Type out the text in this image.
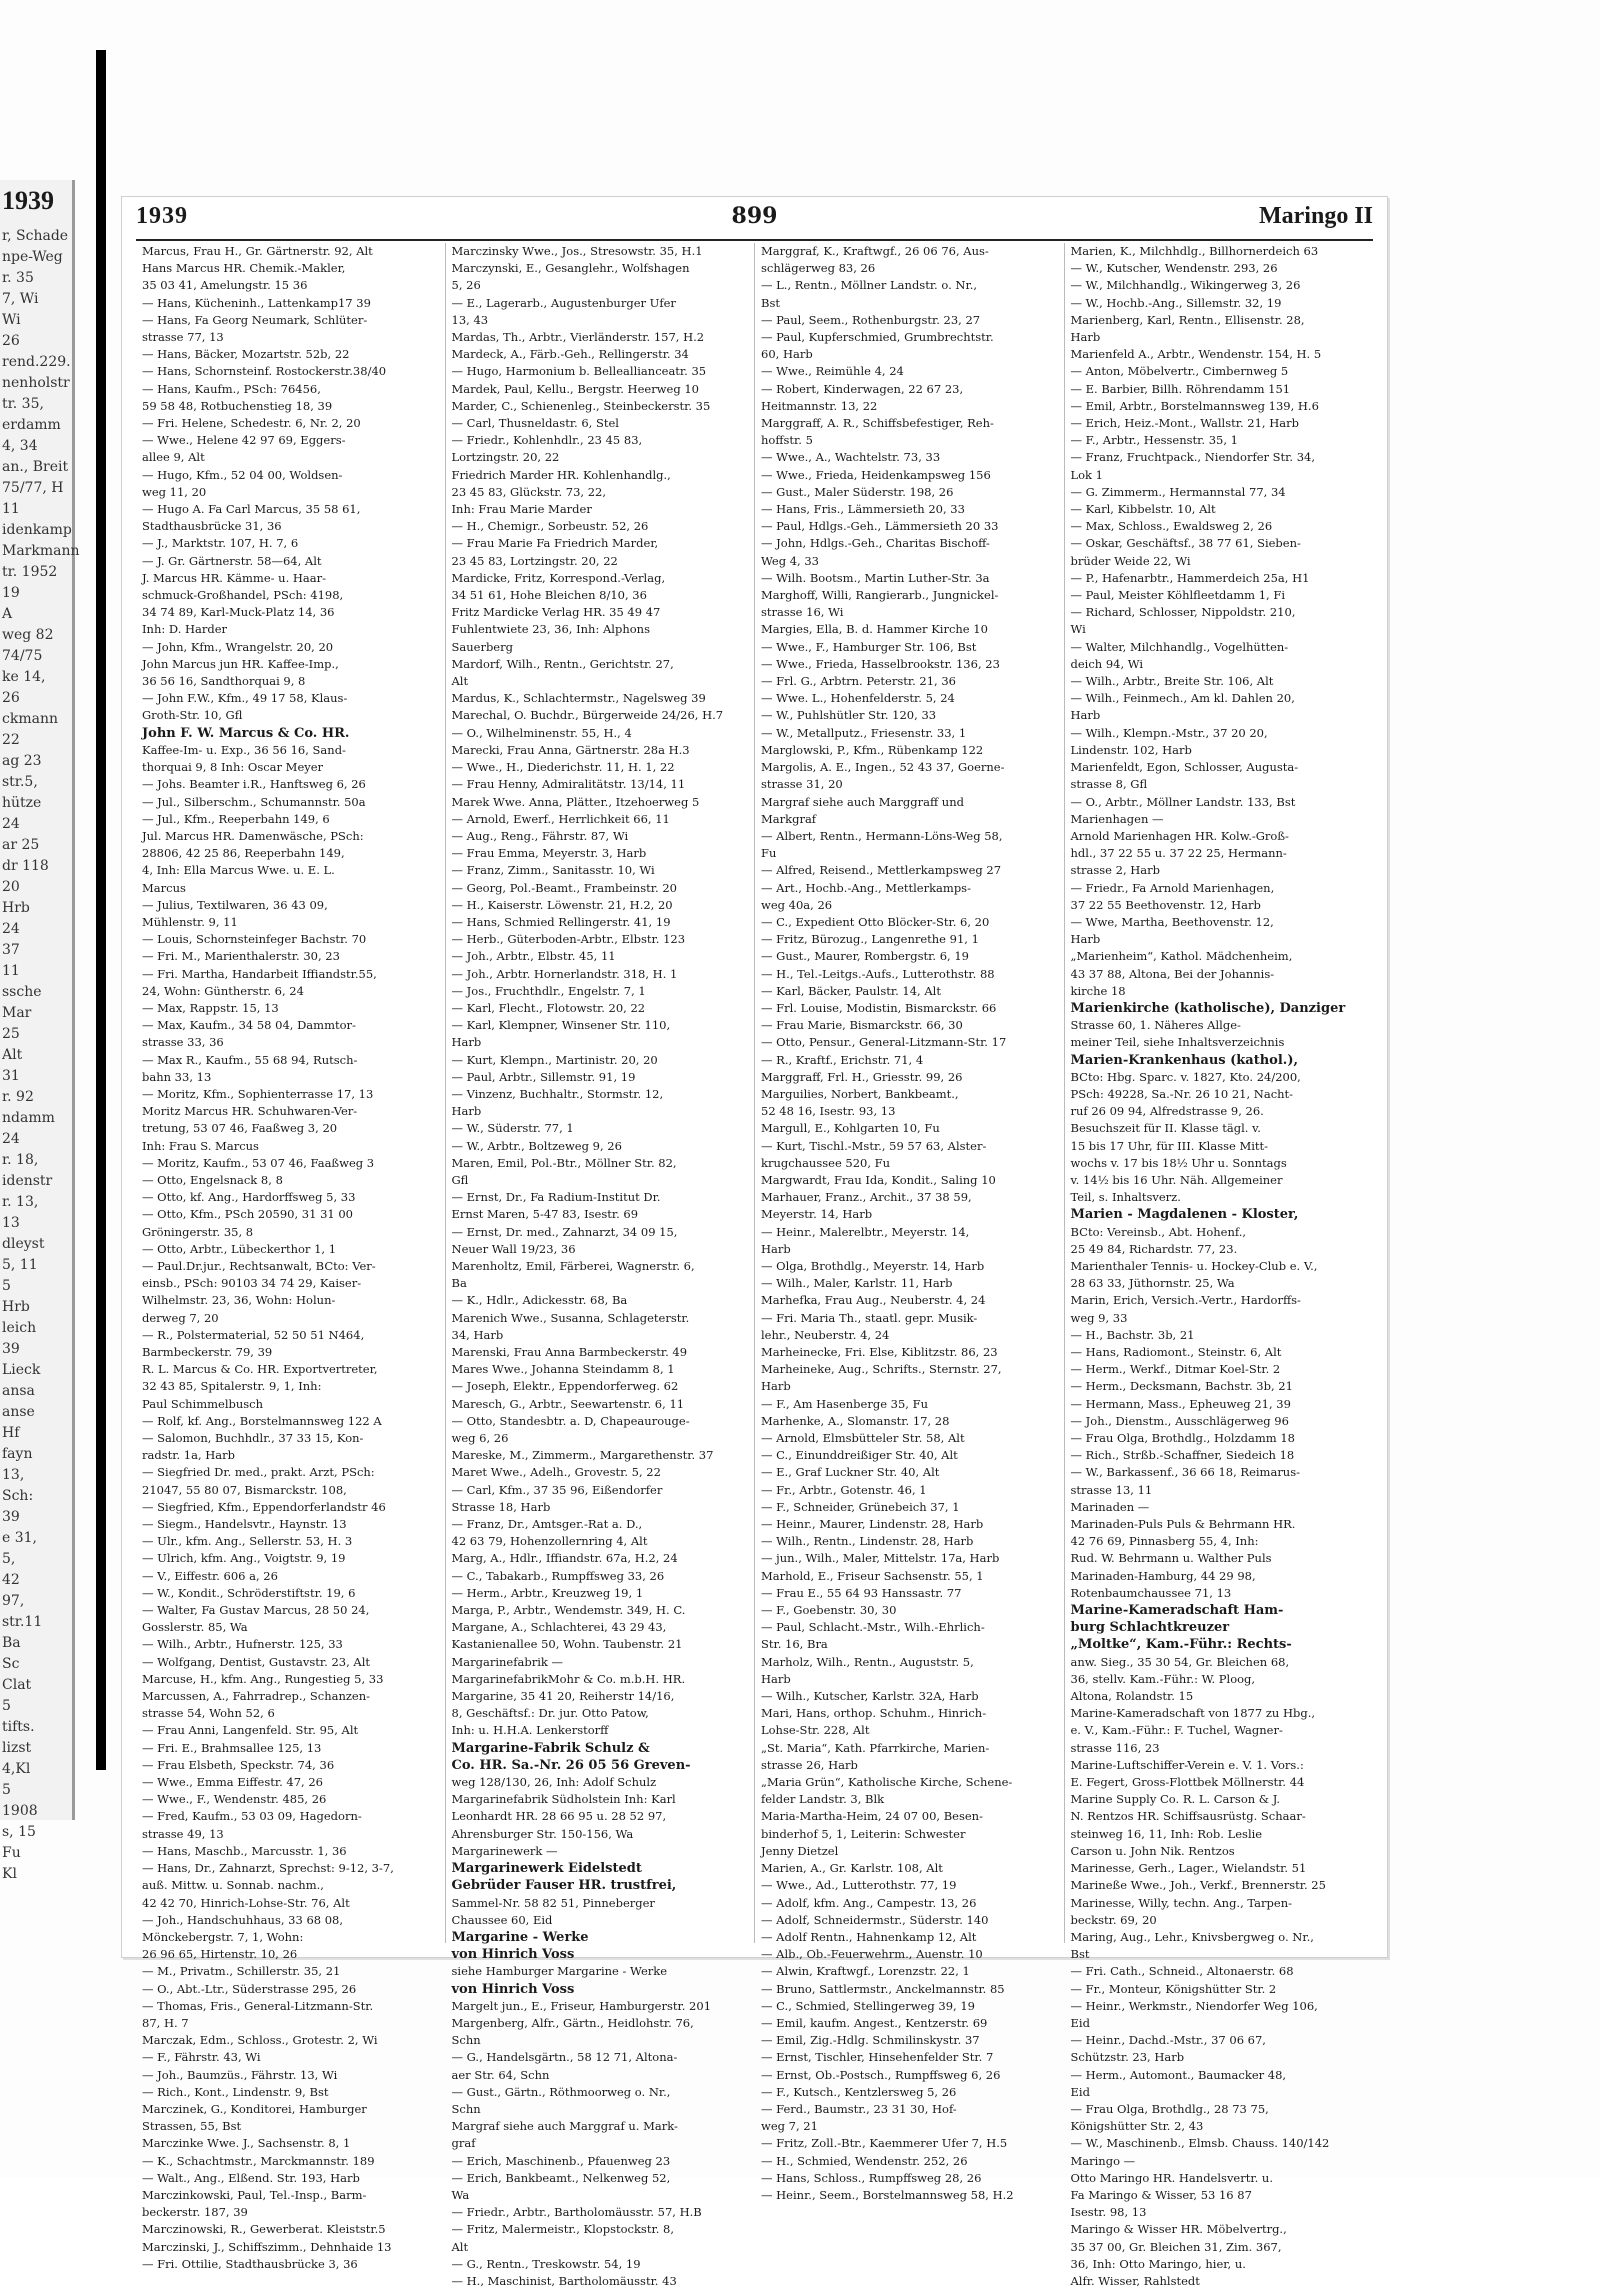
1939
r, Schade
npe-Weg
r. 35
7, Wi
Wi
26
rend.229.
nenholstr
tr. 35,
erdamm
4, 34
an., Breit
75/77, H
11
idenkamp
Markmann
tr. 1952
19
A
weg 82
74/75
ke 14,
26
ckmann
22
ag 23
str.5,
hütze
24
ar 25
dr 118
20
Hrb
24
37
11
ssche
Mar
25
Alt
31
r. 92
ndamm
24
r. 18,
idenstr
r. 13,
13
dleyst
5, 11
5
Hrb
leich
39
Lieck
ansa
anse
Hf
fayn
13,
Sch:
39
e 31,
5,
42
97,
str.11
Ba
Sc
Clat
5
tifts.
lizst
4,Kl
5
1908
s, 15
Fu
Kl
1939	899	Maringo II
Marcus, Frau H., Gr. Gärtnerstr. 92, Alt
Hans Marcus HR. Chemik.-Makler,
35 03 41, Amelungstr. 15 36
— Hans, Kücheninh., Lattenkamp17 39
— Hans, Fa Georg Neumark, Schlüter-
strasse 77, 13
— Hans, Bäcker, Mozartstr. 52b, 22
— Hans, Schornsteinf. Rostockerstr.38/40
— Hans, Kaufm., PSch: 76456,
59 58 48, Rotbuchenstieg 18, 39
— Fri. Helene, Schedestr. 6, Nr. 2, 20
— Wwe., Helene 42 97 69, Eggers-
allee 9, Alt
— Hugo, Kfm., 52 04 00, Woldsen-
weg 11, 20
— Hugo A. Fa Carl Marcus, 35 58 61,
Stadthausbrücke 31, 36
— J., Marktstr. 107, H. 7, 6
— J. Gr. Gärtnerstr. 58—64, Alt
J. Marcus HR. Kämme- u. Haar-
schmuck-Großhandel, PSch: 4198,
34 74 89, Karl-Muck-Platz 14, 36
Inh: D. Harder
— John, Kfm., Wrangelstr. 20, 20
John Marcus jun HR. Kaffee-Imp.,
36 56 16, Sandthorquai 9, 8
— John F.W., Kfm., 49 17 58, Klaus-
Groth-Str. 10, Gfl
John F. W. Marcus & Co. HR.
Kaffee-Im- u. Exp., 36 56 16, Sand-
thorquai 9, 8 Inh: Oscar Meyer
— Johs. Beamter i.R., Hanftsweg 6, 26
— Jul., Silberschm., Schumannstr. 50a
— Jul., Kfm., Reeperbahn 149, 6
Jul. Marcus HR. Damenwäsche, PSch:
28806, 42 25 86, Reeperbahn 149,
4, Inh: Ella Marcus Wwe. u. E. L.
Marcus
— Julius, Textilwaren, 36 43 09,
Mühlenstr. 9, 11
— Louis, Schornsteinfeger Bachstr. 70
— Fri. M., Marienthalerstr. 30, 23
— Fri. Martha, Handarbeit Iffiandstr.55,
24, Wohn: Güntherstr. 6, 24
— Max, Rappstr. 15, 13
— Max, Kaufm., 34 58 04, Dammtor-
strasse 33, 36
— Max R., Kaufm., 55 68 94, Rutsch-
bahn 33, 13
— Moritz, Kfm., Sophienterrasse 17, 13
Moritz Marcus HR. Schuhwaren-Ver-
tretung, 53 07 46, Faaßweg 3, 20
Inh: Frau S. Marcus
— Moritz, Kaufm., 53 07 46, Faaßweg 3
— Otto, Engelsnack 8, 8
— Otto, kf. Ang., Hardorffsweg 5, 33
— Otto, Kfm., PSch 20590, 31 31 00
Gröningerstr. 35, 8
— Otto, Arbtr., Lübeckerthor 1, 1
— Paul.Dr.jur., Rechtsanwalt, BCto: Ver-
einsb., PSch: 90103 34 74 29, Kaiser-
Wilhelmstr. 23, 36, Wohn: Holun-
derweg 7, 20
— R., Polstermaterial, 52 50 51 N464,
Barmbeckerstr. 79, 39
R. L. Marcus & Co. HR. Exportvertreter,
32 43 85, Spitalerstr. 9, 1, Inh:
Paul Schimmelbusch
— Rolf, kf. Ang., Borstelmannsweg 122 A
— Salomon, Buchhdlr., 37 33 15, Kon-
radstr. 1a, Harb
— Siegfried Dr. med., prakt. Arzt, PSch:
21047, 55 80 07, Bismarckstr. 108,
— Siegfried, Kfm., Eppendorferlandstr 46
— Siegm., Handelsvtr., Haynstr. 13
— Ulr., kfm. Ang., Sellerstr. 53, H. 3
— Ulrich, kfm. Ang., Voigtstr. 9, 19
— V., Eiffestr. 606 a, 26
— W., Kondit., Schröderstiftstr. 19, 6
— Walter, Fa Gustav Marcus, 28 50 24,
Gosslerstr. 85, Wa
— Wilh., Arbtr., Hufnerstr. 125, 33
— Wolfgang, Dentist, Gustavstr. 23, Alt
Marcuse, H., kfm. Ang., Rungestieg 5, 33
Marcussen, A., Fahrradrep., Schanzen-
strasse 54, Wohn 52, 6
— Frau Anni, Langenfeld. Str. 95, Alt
— Fri. E., Brahmsallee 125, 13
— Frau Elsbeth, Speckstr. 74, 36
— Wwe., Emma Eiffestr. 47, 26
— Wwe., F., Wendenstr. 485, 26
— Fred, Kaufm., 53 03 09, Hagedorn-
strasse 49, 13
— Hans, Maschb., Marcusstr. 1, 36
— Hans, Dr., Zahnarzt, Sprechst: 9-12, 3-7,
auß. Mittw. u. Sonnab. nachm.,
42 42 70, Hinrich-Lohse-Str. 76, Alt
— Joh., Handschuhhaus, 33 68 08,
Mönckebergstr. 7, 1, Wohn:
26 96 65, Hirtenstr. 10, 26
— M., Privatm., Schillerstr. 35, 21
— O., Abt.-Ltr., Süderstrasse 295, 26
— Thomas, Fris., General-Litzmann-Str.
87, H. 7
Marczak, Edm., Schloss., Grotestr. 2, Wi
— F., Fährstr. 43, Wi
— Joh., Baumzüs., Fährstr. 13, Wi
— Rich., Kont., Lindenstr. 9, Bst
Marczinek, G., Konditorei, Hamburger
Strassen, 55, Bst
Marczinke Wwe. J., Sachsenstr. 8, 1
— K., Schachtmstr., Marckmannstr. 189
— Walt., Ang., Elßend. Str. 193, Harb
Marczinkowski, Paul, Tel.-Insp., Barm-
beckerstr. 187, 39
Marczinowski, R., Gewerberat. Kleiststr.5
Marczinski, J., Schiffszimm., Dehnhaide 13
— Fri. Ottilie, Stadthausbrücke 3, 36
Marczinsky Wwe., Jos., Stresowstr. 35, H.1
Marczynski, E., Gesanglehr., Wolfshagen
5, 26
— E., Lagerarb., Augustenburger Ufer
13, 43
Mardas, Th., Arbtr., Vierländerstr. 157, H.2
Mardeck, A., Färb.-Geh., Rellingerstr. 34
— Hugo, Harmonium b. Belleallianceatr. 35
Mardek, Paul, Kellu., Bergstr. Heerweg 10
Marder, C., Schienenleg., Steinbeckerstr. 35
— Carl, Thusneldastr. 6, Stel
— Friedr., Kohlenhdlr., 23 45 83,
Lortzingstr. 20, 22
Friedrich Marder HR. Kohlenhandlg.,
23 45 83, Glückstr. 73, 22,
Inh: Frau Marie Marder
— H., Chemigr., Sorbeustr. 52, 26
— Frau Marie Fa Friedrich Marder,
23 45 83, Lortzingstr. 20, 22
Mardicke, Fritz, Korrespond.-Verlag,
34 51 61, Hohe Bleichen 8/10, 36
Fritz Mardicke Verlag HR. 35 49 47
Fuhlentwiete 23, 36, Inh: Alphons
Sauerberg
Mardorf, Wilh., Rentn., Gerichtstr. 27,
Alt
Mardus, K., Schlachtermstr., Nagelsweg 39
Marechal, O. Buchdr., Bürgerweide 24/26, H.7
— O., Wilhelminenstr. 55, H., 4
Marecki, Frau Anna, Gärtnerstr. 28a H.3
— Wwe., H., Diederichstr. 11, H. 1, 22
— Frau Henny, Admiralitätstr. 13/14, 11
Marek Wwe. Anna, Plätter., Itzehoerweg 5
— Arnold, Ewerf., Herrlichkeit 66, 11
— Aug., Reng., Fährstr. 87, Wi
— Frau Emma, Meyerstr. 3, Harb
— Franz, Zimm., Sanitasstr. 10, Wi
— Georg, Pol.-Beamt., Frambeinstr. 20
— H., Kaiserstr. Löwenstr. 21, H.2, 20
— Hans, Schmied Rellingerstr. 41, 19
— Herb., Güterboden-Arbtr., Elbstr. 123
— Joh., Arbtr., Elbstr. 45, 11
— Joh., Arbtr. Hornerlandstr. 318, H. 1
— Jos., Fruchthdlr., Engelstr. 7, 1
— Karl, Flecht., Flotowstr. 20, 22
— Karl, Klempner, Winsener Str. 110,
Harb
— Kurt, Klempn., Martinistr. 20, 20
— Paul, Arbtr., Sillemstr. 91, 19
— Vinzenz, Buchhaltr., Stormstr. 12,
Harb
— W., Süderstr. 77, 1
— W., Arbtr., Boltzeweg 9, 26
Maren, Emil, Pol.-Btr., Möllner Str. 82,
Gfl
— Ernst, Dr., Fa Radium-Institut Dr.
Ernst Maren, 5-47 83, Isestr. 69
— Ernst, Dr. med., Zahnarzt, 34 09 15,
Neuer Wall 19/23, 36
Marenholtz, Emil, Färberei, Wagnerstr. 6,
Ba
— K., Hdlr., Adickesstr. 68, Ba
Marenich Wwe., Susanna, Schlageterstr.
34, Harb
Marenski, Frau Anna Barmbeckerstr. 49
Mares Wwe., Johanna Steindamm 8, 1
— Joseph, Elektr., Eppendorferweg. 62
Maresch, G., Arbtr., Seewartenstr. 6, 11
— Otto, Standesbtr. a. D, Chapeaurouge-
weg 6, 26
Mareske, M., Zimmerm., Margarethenstr. 37
Maret Wwe., Adelh., Grovestr. 5, 22
— Carl, Kfm., 37 35 96, Eißendorfer
Strasse 18, Harb
— Franz, Dr., Amtsger.-Rat a. D.,
42 63 79, Hohenzollernring 4, Alt
Marg, A., Hdlr., Iffiandstr. 67a, H.2, 24
— C., Tabakarb., Rumpffsweg 33, 26
— Herm., Arbtr., Kreuzweg 19, 1
Marga, P., Arbtr., Wendemstr. 349, H. C.
Margane, A., Schlachterei, 43 29 43,
Kastanienallee 50, Wohn. Taubenstr. 21
Margarinefabrik —
MargarinefabrikMohr & Co. m.b.H. HR.
Margarine, 35 41 20, Reiherstr 14/16,
8, Geschäftsf.: Dr. jur. Otto Patow,
Inh: u. H.H.A. Lenkerstorff
Margarine-Fabrik Schulz &
Co. HR. Sa.-Nr. 26 05 56 Greven-
weg 128/130, 26, Inh: Adolf Schulz
Margarinefabrik Südholstein Inh: Karl
Leonhardt HR. 28 66 95 u. 28 52 97,
Ahrensburger Str. 150-156, Wa
Margarinewerk —
Margarinewerk Eidelstedt
Gebrüder Fauser HR. trustfrei,
Sammel-Nr. 58 82 51, Pinneberger
Chaussee 60, Eid
Margarine - Werke
von Hinrich Voss
siehe Hamburger Margarine - Werke
von Hinrich Voss
Margelt jun., E., Friseur, Hamburgerstr. 201
Margenberg, Alfr., Gärtn., Heidlohstr. 76,
Schn
— G., Handelsgärtn., 58 12 71, Altona-
aer Str. 64, Schn
— Gust., Gärtn., Röthmoorweg o. Nr.,
Schn
Margraf siehe auch Marggraf u. Mark-
graf
— Erich, Maschinenb., Pfauenweg 23
— Erich, Bankbeamt., Nelkenweg 52,
Wa
— Friedr., Arbtr., Bartholomäusstr. 57, H.B
— Fritz, Malermeistr., Klopstockstr. 8,
Alt
— G., Rentn., Treskowstr. 54, 19
— H., Maschinist, Bartholomäusstr. 43
Marggraf, K., Kraftwgf., 26 06 76, Aus-
schlägerweg 83, 26
— L., Rentn., Möllner Landstr. o. Nr.,
Bst
— Paul, Seem., Rothenburgstr. 23, 27
— Paul, Kupferschmied, Grumbrechtstr.
60, Harb
— Wwe., Reimühle 4, 24
— Robert, Kinderwagen, 22 67 23,
Heitmannstr. 13, 22
Marggraff, A. R., Schiffsbefestiger, Reh-
hoffstr. 5
— Wwe., A., Wachtelstr. 73, 33
— Wwe., Frieda, Heidenkampsweg 156
— Gust., Maler Süderstr. 198, 26
— Hans, Fris., Lämmersieth 20, 33
— Paul, Hdlgs.-Geh., Lämmersieth 20 33
— John, Hdlgs.-Geh., Charitas Bischoff-
Weg 4, 33
— Wilh. Bootsm., Martin Luther-Str. 3a
Marghoff, Willi, Rangierarb., Jungnickel-
strasse 16, Wi
Margies, Ella, B. d. Hammer Kirche 10
— Wwe., F., Hamburger Str. 106, Bst
— Wwe., Frieda, Hasselbrookstr. 136, 23
— Frl. G., Arbtrn. Peterstr. 21, 36
— Wwe. L., Hohenfelderstr. 5, 24
— W., Puhlshütler Str. 120, 33
— W., Metallputz., Friesenstr. 33, 1
Marglowski, P., Kfm., Rübenkamp 122
Margolis, A. E., Ingen., 52 43 37, Goerne-
strasse 31, 20
Margraf siehe auch Marggraff und
Markgraf
— Albert, Rentn., Hermann-Löns-Weg 58,
Fu
— Alfred, Reisend., Mettlerkampsweg 27
— Art., Hochb.-Ang., Mettlerkamps-
weg 40a, 26
— C., Expedient Otto Blöcker-Str. 6, 20
— Fritz, Bürozug., Langenrethe 91, 1
— Gust., Maurer, Rombergstr. 6, 19
— H., Tel.-Leitgs.-Aufs., Lutterothstr. 88
— Karl, Bäcker, Paulstr. 14, Alt
— Frl. Louise, Modistin, Bismarckstr. 66
— Frau Marie, Bismarckstr. 66, 30
— Otto, Pensur., General-Litzmann-Str. 17
— R., Kraftf., Erichstr. 71, 4
Marggraff, Frl. H., Griesstr. 99, 26
Marguilies, Norbert, Bankbeamt.,
52 48 16, Isestr. 93, 13
Margull, E., Kohlgarten 10, Fu
— Kurt, Tischl.-Mstr., 59 57 63, Alster-
krugchaussee 520, Fu
Margwardt, Frau Ida, Kondit., Saling 10
Marhauer, Franz., Archit., 37 38 59,
Meyerstr. 14, Harb
— Heinr., Malerelbtr., Meyerstr. 14,
Harb
— Olga, Brothdlg., Meyerstr. 14, Harb
— Wilh., Maler, Karlstr. 11, Harb
Marhefka, Frau Aug., Neuberstr. 4, 24
— Fri. Maria Th., staatl. gepr. Musik-
lehr., Neuberstr. 4, 24
Marheinecke, Fri. Else, Kiblitzstr. 86, 23
Marheineke, Aug., Schrifts., Sternstr. 27,
Harb
— F., Am Hasenberge 35, Fu
Marhenke, A., Slomanstr. 17, 28
— Arnold, Elmsbütteler Str. 58, Alt
— C., Einunddreißiger Str. 40, Alt
— E., Graf Luckner Str. 40, Alt
— Fr., Arbtr., Gotenstr. 46, 1
— F., Schneider, Grünebeich 37, 1
— Heinr., Maurer, Lindenstr. 28, Harb
— Wilh., Rentn., Lindenstr. 28, Harb
— jun., Wilh., Maler, Mittelstr. 17a, Harb
Marhold, E., Friseur Sachsenstr. 55, 1
— Frau E., 55 64 93 Hanssastr. 77
— F., Goebenstr. 30, 30
— Paul, Schlacht.-Mstr., Wilh.-Ehrlich-
Str. 16, Bra
Marholz, Wilh., Rentn., Auguststr. 5,
Harb
— Wilh., Kutscher, Karlstr. 32A, Harb
Mari, Hans, orthop. Schuhm., Hinrich-
Lohse-Str. 228, Alt
„St. Maria“, Kath. Pfarrkirche, Marien-
strasse 26, Harb
„Maria Grün“, Katholische Kirche, Schene-
felder Landstr. 3, Blk
Maria-Martha-Heim, 24 07 00, Besen-
binderhof 5, 1, Leiterin: Schwester
Jenny Dietzel
Marien, A., Gr. Karlstr. 108, Alt
— Wwe., Ad., Lutterothstr. 77, 19
— Adolf, kfm. Ang., Campestr. 13, 26
— Adolf, Schneidermstr., Süderstr. 140
— Adolf Rentn., Hahnenkamp 12, Alt
— Alb., Ob.-Feuerwehrm., Auenstr. 10
— Alwin, Kraftwgf., Lorenzstr. 22, 1
— Bruno, Sattlermstr., Anckelmannstr. 85
— C., Schmied, Stellingerweg 39, 19
— Emil, kaufm. Angest., Kentzerstr. 69
— Emil, Zig.-Hdlg. Schmilinskystr. 37
— Ernst, Tischler, Hinsehenfelder Str. 7
— Ernst, Ob.-Postsch., Rumpffsweg 6, 26
— F., Kutsch., Kentzlersweg 5, 26
— Ferd., Baumstr., 23 31 30, Hof-
weg 7, 21
— Fritz, Zoll.-Btr., Kaemmerer Ufer 7, H.5
— H., Schmied, Wendenstr. 252, 26
— Hans, Schloss., Rumpffsweg 28, 26
— Heinr., Seem., Borstelmannsweg 58, H.2
Marien, K., Milchhdlg., Billhornerdeich 63
— W., Kutscher, Wendenstr. 293, 26
— W., Milchhandlg., Wikingerweg 3, 26
— W., Hochb.-Ang., Sillemstr. 32, 19
Marienberg, Karl, Rentn., Ellisenstr. 28,
Harb
Marienfeld A., Arbtr., Wendenstr. 154, H. 5
— Anton, Möbelvertr., Cimbernweg 5
— E. Barbier, Billh. Röhrendamm 151
— Emil, Arbtr., Borstelmannsweg 139, H.6
— Erich, Heiz.-Mont., Wallstr. 21, Harb
— F., Arbtr., Hessenstr. 35, 1
— Franz, Fruchtpack., Niendorfer Str. 34,
Lok 1
— G. Zimmerm., Hermannstal 77, 34
— Karl, Kibbelstr. 10, Alt
— Max, Schloss., Ewaldsweg 2, 26
— Oskar, Geschäftsf., 38 77 61, Sieben-
brüder Weide 22, Wi
— P., Hafenarbtr., Hammerdeich 25a, H1
— Paul, Meister Köhlfleetdamm 1, Fi
— Richard, Schlosser, Nippoldstr. 210,
Wi
— Walter, Milchhandlg., Vogelhütten-
deich 94, Wi
— Wilh., Arbtr., Breite Str. 106, Alt
— Wilh., Feinmech., Am kl. Dahlen 20,
Harb
— Wilh., Klempn.-Mstr., 37 20 20,
Lindenstr. 102, Harb
Marienfeldt, Egon, Schlosser, Augusta-
strasse 8, Gfl
— O., Arbtr., Möllner Landstr. 133, Bst
Marienhagen —
Arnold Marienhagen HR. Kolw.-Groß-
hdl., 37 22 55 u. 37 22 25, Hermann-
strasse 2, Harb
— Friedr., Fa Arnold Marienhagen,
37 22 55 Beethovenstr. 12, Harb
— Wwe, Martha, Beethovenstr. 12,
Harb
„Marienheim“, Kathol. Mädchenheim,
43 37 88, Altona, Bei der Johannis-
kirche 18
Marienkirche (katholische), Danziger
Strasse 60, 1. Näheres Allge-
meiner Teil, siehe Inhaltsverzeichnis
Marien-Krankenhaus (kathol.),
BCto: Hbg. Sparc. v. 1827, Kto. 24/200,
PSch: 49228, Sa.-Nr. 26 10 21, Nacht-
ruf 26 09 94, Alfredstrasse 9, 26.
Besuchszeit für II. Klasse tägl. v.
15 bis 17 Uhr, für III. Klasse Mitt-
wochs v. 17 bis 18½ Uhr u. Sonntags
v. 14½ bis 16 Uhr. Näh. Allgemeiner
Teil, s. Inhaltsverz.
Marien - Magdalenen - Kloster,
BCto: Vereinsb., Abt. Hohenf.,
25 49 84, Richardstr. 77, 23.
Marienthaler Tennis- u. Hockey-Club e. V.,
28 63 33, Jüthornstr. 25, Wa
Marin, Erich, Versich.-Vertr., Hardorffs-
weg 9, 33
— H., Bachstr. 3b, 21
— Hans, Radiomont., Steinstr. 6, Alt
— Herm., Werkf., Ditmar Koel-Str. 2
— Herm., Decksmann, Bachstr. 3b, 21
— Hermann, Mass., Epheuweg 21, 39
— Joh., Dienstm., Ausschlägerweg 96
— Frau Olga, Brothdlg., Holzdamm 18
— Rich., Strßb.-Schaffner, Siedeich 18
— W., Barkassenf., 36 66 18, Reimarus-
strasse 13, 11
Marinaden —
Marinaden-Puls Puls & Behrmann HR.
42 76 69, Pinnasberg 55, 4, Inh:
Rud. W. Behrmann u. Walther Puls
Marinaden-Hamburg, 44 29 98,
Rotenbaumchaussee 71, 13
Marine-Kameradschaft Ham-
burg Schlachtkreuzer
„Moltke“, Kam.-Führ.: Rechts-
anw. Sieg., 35 30 54, Gr. Bleichen 68,
36, stellv. Kam.-Führ.: W. Ploog,
Altona, Rolandstr. 15
Marine-Kameradschaft von 1877 zu Hbg.,
e. V., Kam.-Führ.: F. Tuchel, Wagner-
strasse 116, 23
Marine-Luftschiffer-Verein e. V. 1. Vors.:
E. Fegert, Gross-Flottbek Möllnerstr. 44
Marine Supply Co. R. L. Carson & J.
N. Rentzos HR. Schiffsausrüstg. Schaar-
steinweg 16, 11, Inh: Rob. Leslie
Carson u. John Nik. Rentzos
Marinesse, Gerh., Lager., Wielandstr. 51
Marineße Wwe., Joh., Verkf., Brennerstr. 25
Marinesse, Willy, techn. Ang., Tarpen-
beckstr. 69, 20
Maring, Aug., Lehr., Knivsbergweg o. Nr.,
Bst
— Fri. Cath., Schneid., Altonaerstr. 68
— Fr., Monteur, Königshütter Str. 2
— Heinr., Werkmstr., Niendorfer Weg 106,
Eid
— Heinr., Dachd.-Mstr., 37 06 67,
Schützstr. 23, Harb
— Herm., Automont., Baumacker 48,
Eid
— Frau Olga, Brothdlg., 28 73 75,
Königshütter Str. 2, 43
— W., Maschinenb., Elmsb. Chauss. 140/142
Maringo —
Otto Maringo HR. Handelsvertr. u.
Fa Maringo & Wisser, 53 16 87
Isestr. 98, 13
Maringo & Wisser HR. Möbelvertrg.,
35 37 00, Gr. Bleichen 31, Zim. 367,
36, Inh: Otto Maringo, hier, u.
Alfr. Wisser, Rahlstedt
